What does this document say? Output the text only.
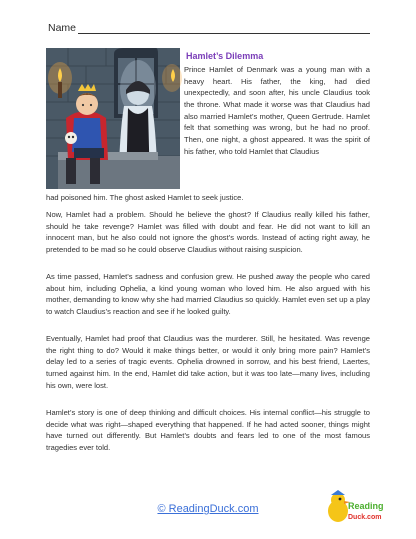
Name
Hamlet’s Dilemma

Prince Hamlet of Denmark was a young man with a heavy heart. His father, the king, had died unexpectedly, and soon after, his uncle Claudius took the throne. What made it worse was that Claudius had also married Hamlet’s mother, Queen Gertrude. Hamlet felt that something was wrong, but he had no proof. Then, one night, a ghost appeared. It was the spirit of his father, who told Hamlet that Claudius

had poisoned him. The ghost asked Hamlet to seek justice.

Now, Hamlet had a problem. Should he believe the ghost? If Claudius really killed his father, should he take revenge? Hamlet was filled with doubt and fear. He did not want to kill an innocent man, but he also could not ignore the ghost’s words. Instead of acting right away, he pretended to be mad so he could observe Claudius without raising suspicion.

As time passed, Hamlet’s sadness and confusion grew. He pushed away the people who cared about him, including Ophelia, a kind young woman who loved him. He also argued with his mother, demanding to know why she had married Claudius so quickly. Hamlet even set up a play to watch Claudius’s reaction and see if he looked guilty.

Eventually, Hamlet had proof that Claudius was the murderer. Still, he hesitated. Was revenge the right thing to do? Would it make things better, or would it only bring more pain? Hamlet’s delay led to a series of tragic events. Ophelia drowned in sorrow, and his best friend, Laertes, turned against him. In the end, Hamlet did take action, but it was too late—many lives, including his own, were lost.

Hamlet’s story is one of deep thinking and difficult choices. His internal conflict—his struggle to decide what was right—shaped everything that happened. If he had acted sooner, things might have turned out differently. But Hamlet’s doubts and fears led to one of the most famous tragedies ever told.

© ReadingDuck.com	Reading
Duck.com
